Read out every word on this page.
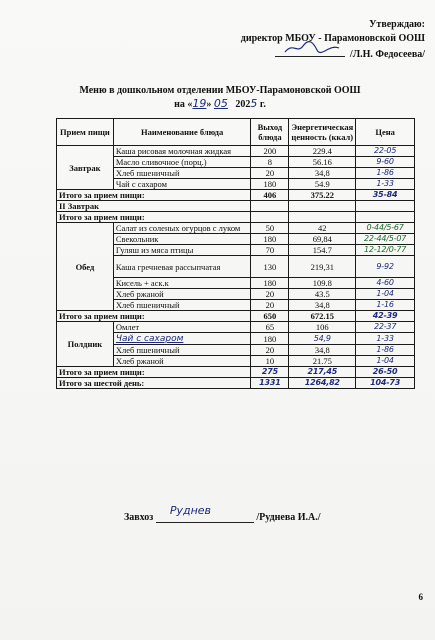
Утверждаю:
директор МБОУ - Парамоновской ООШ
/Л.Н. Федосеева/
Меню в дошкольном отделении МБОУ-Парамоновской ООШ
на «19» 05 2025 г.
Прием пищи	Наименование блюда	Выход блюда	Энергетическая ценность (ккал)	Цена
Завтрак	Каша рисовая молочная жидкая	200	229.4	22-05
	Масло сливочное (порц.)	8	56.16	9-60
	Хлеб пшеничный	20	34,8	1-86
	Чай с сахаром	180	54.9	1-33
Итого за прием пищи:		406	375.22	35-84
II Завтрак				
Итого за прием пищи:				
Обед	Салат из соленых огурцов с луком	50	42	0-44/5-67
	Свекольник	180	69,84	22-44/5-07
	Гуляш из мяса птицы	70	154.7	12-12/0-77
	Каша гречневая рассыпчатая	130	219,31	9-92
	Кисель + аск.к	180	109.8	4-60
	Хлеб ржаной	20	43.5	1-04
	Хлеб пшеничный	20	34,8	1-16
Итого за прием пищи:		650	672.15	42-39
Полдник	Омлет	65	106	22-37
	Чай с сахаром	180	54,9	1-33
	Хлеб пшеничный	20	34,8	1-86
	Хлеб ржаной	10	21.75	1-04
Итого за прием пищи:		275	217,45	26-50
Итого за шестой день:		1331	1264,82	104-73
Завхоз
Руднев
/Руднева И.А./
6
